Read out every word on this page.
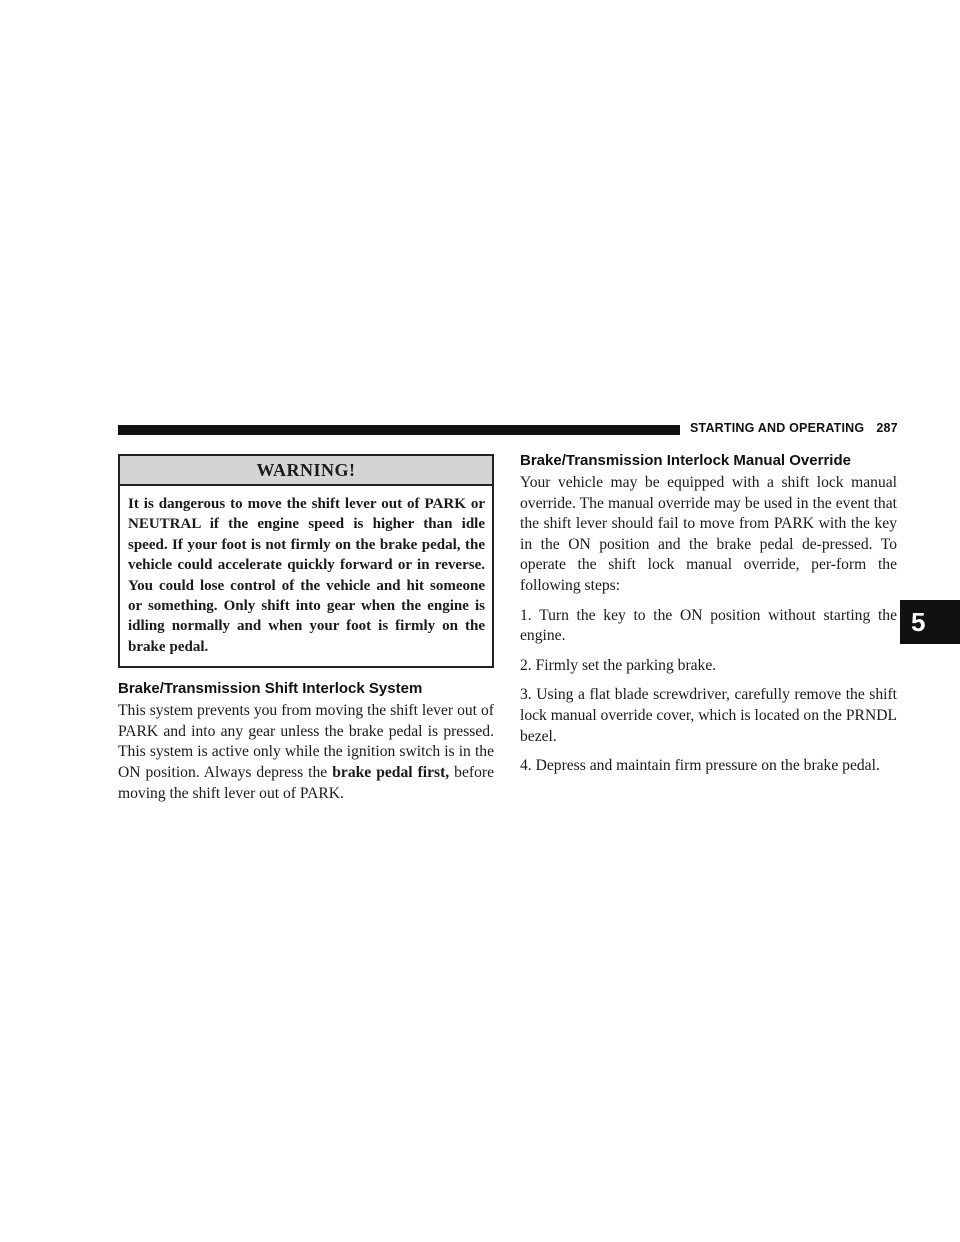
STARTING AND OPERATING 287
5
WARNING!
It is dangerous to move the shift lever out of PARK or NEUTRAL if the engine speed is higher than idle speed. If your foot is not firmly on the brake pedal, the vehicle could accelerate quickly forward or in reverse. You could lose control of the vehicle and hit someone or something. Only shift into gear when the engine is idling normally and when your foot is firmly on the brake pedal.
Brake/Transmission Shift Interlock System

This system prevents you from moving the shift lever out of PARK and into any gear unless the brake pedal is pressed. This system is active only while the ignition switch is in the ON position. Always depress the brake pedal first, before moving the shift lever out of PARK.

Brake/Transmission Interlock Manual Override

Your vehicle may be equipped with a shift lock manual override. The manual override may be used in the event that the shift lever should fail to move from PARK with the key in the ON position and the brake pedal de-pressed. To operate the shift lock manual override, per-form the following steps:

1. Turn the key to the ON position without starting the engine.

2. Firmly set the parking brake.

3. Using a flat blade screwdriver, carefully remove the shift lock manual override cover, which is located on the PRNDL bezel.

4. Depress and maintain firm pressure on the brake pedal.
